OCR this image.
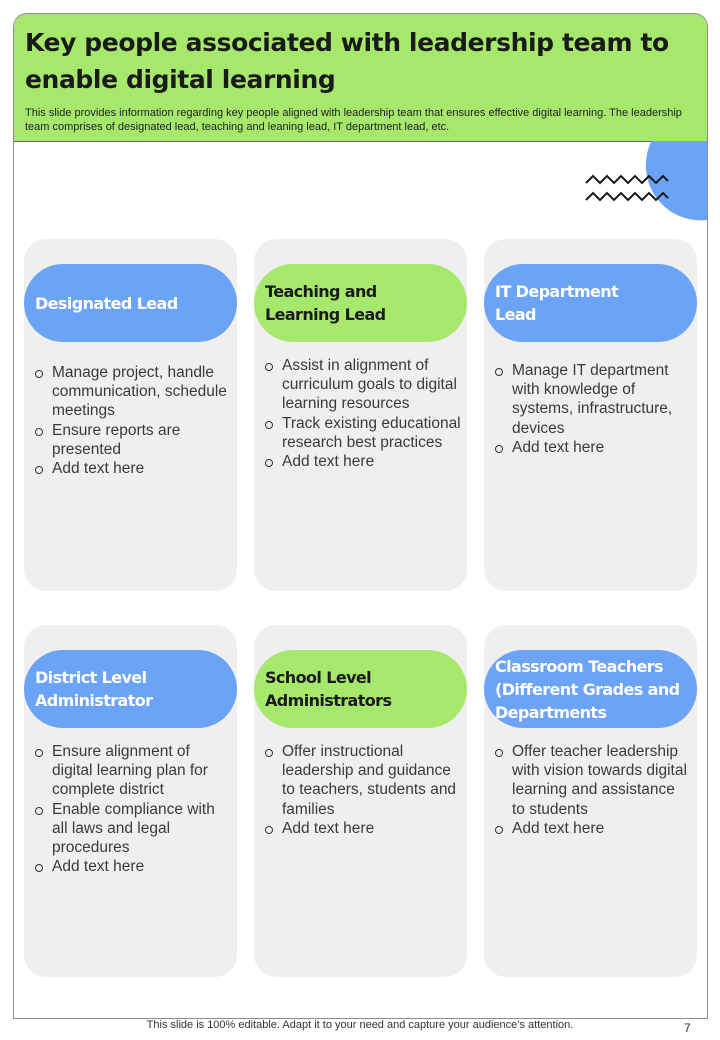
Key people associated with leadership team to enable digital learning

This slide provides information regarding key people aligned with leadership team that ensures effective digital learning. The leadership team comprises of designated lead, teaching and leaning lead, IT department lead, etc.

Designated Lead
Manage project, handle communication, schedule meetings
Ensure reports are presented
Add text here
Teaching and
Learning Lead
Assist in alignment of curriculum goals to digital learning resources
Track existing educational research best practices
Add text here
IT Department
Lead
Manage IT department with knowledge of systems, infrastructure, devices
Add text here
District Level
Administrator
Ensure alignment of digital learning plan for complete district
Enable compliance with all laws and legal procedures
Add text here
School Level
Administrators
Offer instructional leadership and guidance to teachers, students and families
Add text here
Classroom Teachers
(Different Grades and
Departments
Offer teacher leadership with vision towards digital learning and assistance to students
Add text here
This slide is 100% editable. Adapt it to your need and capture your audience’s attention.	7
